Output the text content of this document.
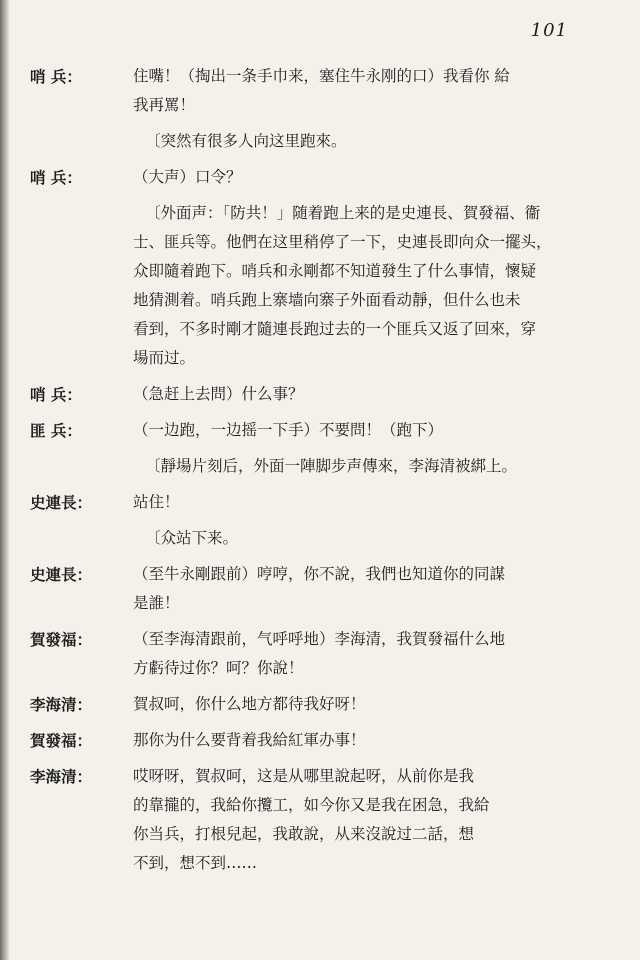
101
哨 兵：	住嘴！（掏出一条手巾来，塞住牛永刚的口）我看你 給
我再罵！
〔突然有很多人向这里跑來。
哨 兵：	（大声）口令？
〔外面声：「防共！」随着跑上来的是史連長、賀發福、衞
士、匪兵等。他們在这里稍停了一下，史連長即向众一擺头，
众即隨着跑下。哨兵和永剛都不知道發生了什么事情，懷疑
地猜測着。哨兵跑上寨墙向寨子外面看动靜，但什么也未
看到，不多时剛才隨連長跑过去的一个匪兵又返了回來，穿
場而过。
哨 兵：	（急赶上去問）什么事？
匪 兵：	（一边跑，一边摇一下手）不要問！（跑下）
〔靜場片刻后，外面一陣脚步声傳來，李海清被綁上。
史連長：	站住！
〔众站下来。
史連長：	（至牛永剛跟前）哼哼，你不說，我們也知道你的同謀
是誰！
賀發福：	（至李海清跟前，气呼呼地）李海清，我賀發福什么地
方虧待过你？呵？你說！
李海清：	賀叔呵，你什么地方都待我好呀！
賀發福：	那你为什么要背着我給紅軍办事！
李海清：	哎呀呀，賀叔呵，这是从哪里說起呀，从前你是我
的靠攏的，我給你攬工，如今你又是我在困急，我給
你当兵，打根兒起，我敢說，从来沒說过二話，想
不到，想不到……
